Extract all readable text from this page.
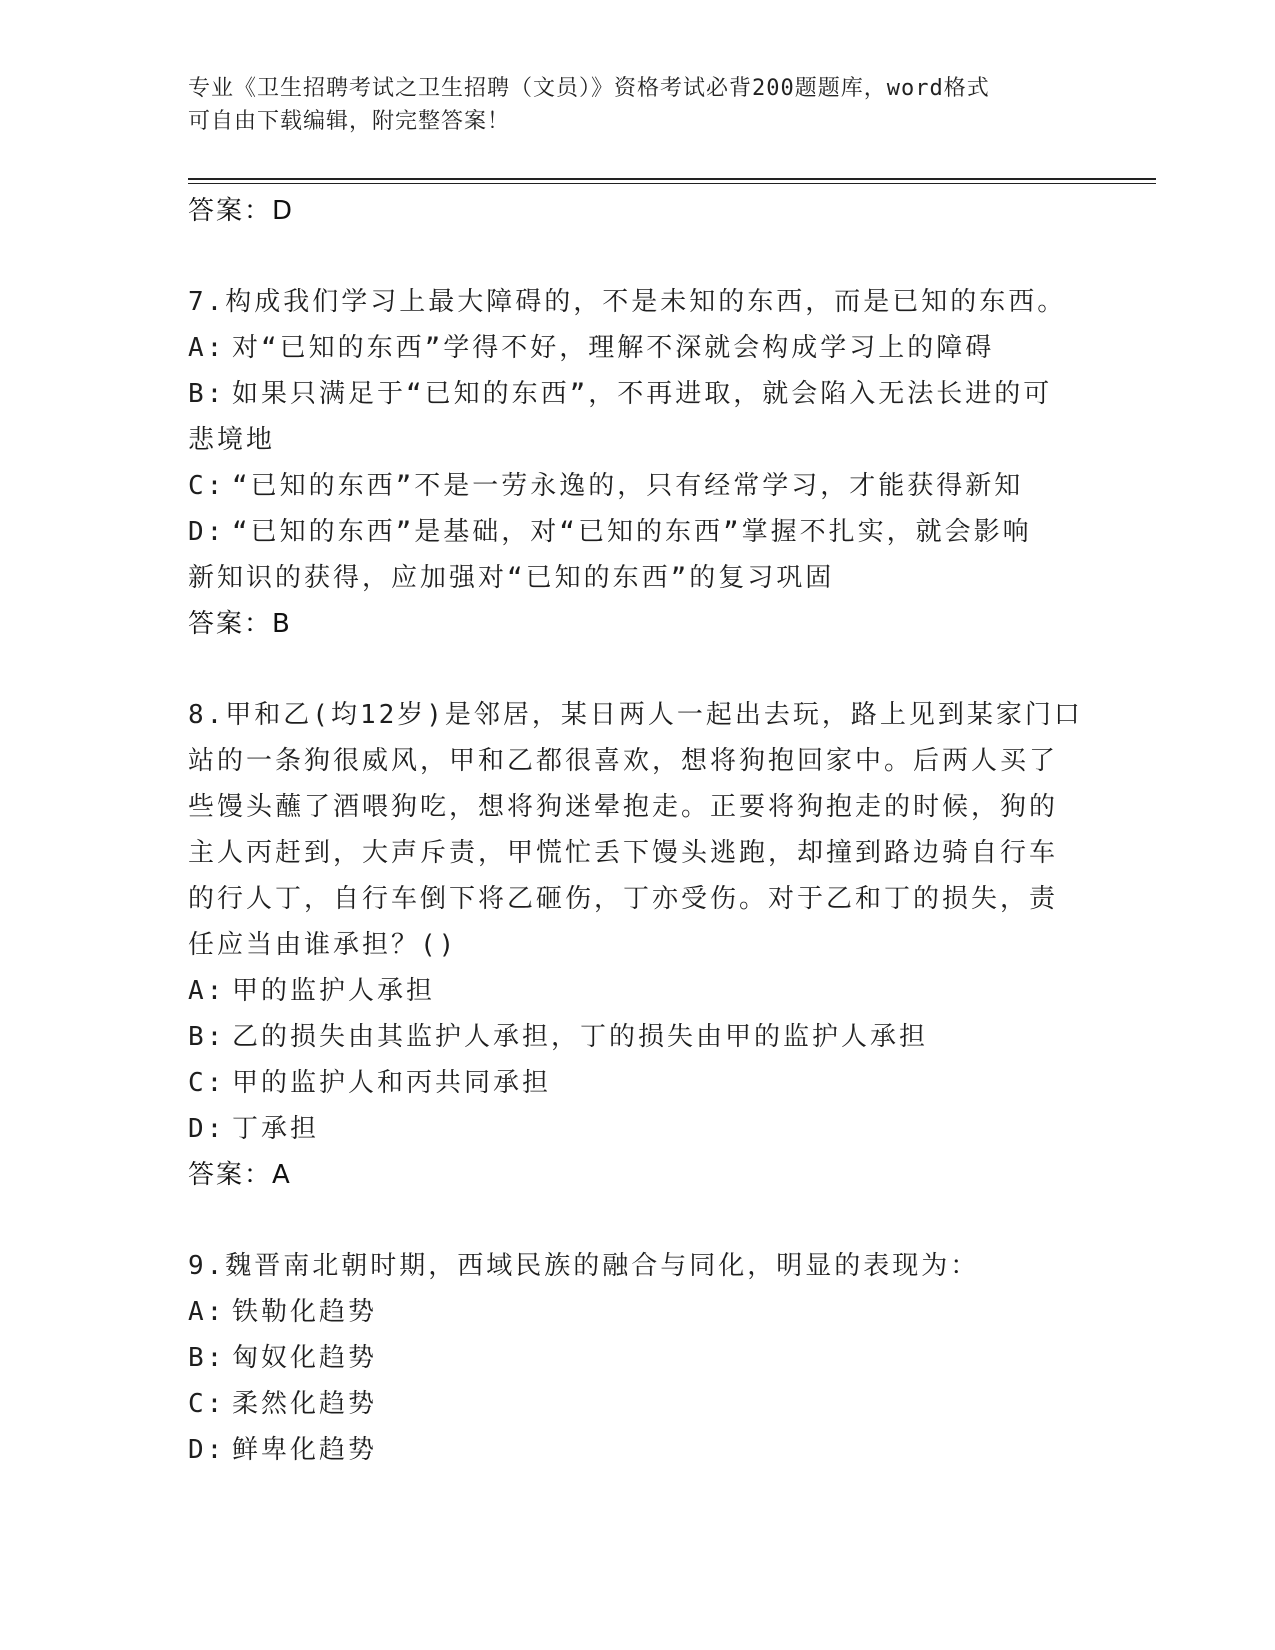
专业《卫生招聘考试之卫生招聘（文员）》资格考试必背200题题库，word格式
可自由下载编辑，附完整答案！

答案：D

7.构成我们学习上最大障碍的，不是未知的东西，而是已知的东西。

A: 对“已知的东西”学得不好，理解不深就会构成学习上的障碍

B: 如果只满足于“已知的东西”，不再进取，就会陷入无法长进的可

悲境地

C: “已知的东西”不是一劳永逸的，只有经常学习，才能获得新知

D: “已知的东西”是基础，对“已知的东西”掌握不扎实，就会影响

新知识的获得，应加强对“已知的东西”的复习巩固

答案：B

8.甲和乙(均12岁)是邻居，某日两人一起出去玩，路上见到某家门口

站的一条狗很威风，甲和乙都很喜欢，想将狗抱回家中。后两人买了

些馒头蘸了酒喂狗吃，想将狗迷晕抱走。正要将狗抱走的时候，狗的

主人丙赶到，大声斥责，甲慌忙丢下馒头逃跑，却撞到路边骑自行车

的行人丁，自行车倒下将乙砸伤，丁亦受伤。对于乙和丁的损失，责

任应当由谁承担？()

A: 甲的监护人承担

B: 乙的损失由其监护人承担，丁的损失由甲的监护人承担

C: 甲的监护人和丙共同承担

D: 丁承担

答案：A

9.魏晋南北朝时期，西域民族的融合与同化，明显的表现为：

A: 铁勒化趋势

B: 匈奴化趋势

C: 柔然化趋势

D: 鲜卑化趋势
